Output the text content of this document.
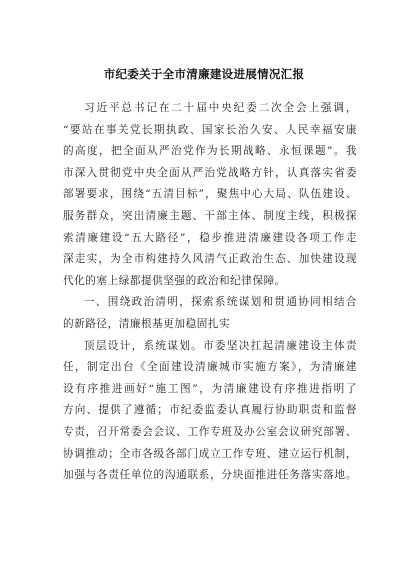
市纪委关于全市清廉建设进展情况汇报
习近平总书记在二十届中央纪委二次全会上强调，
“要站在事关党长期执政、国家长治久安、人民幸福安康
的高度，把全面从严治党作为长期战略、永恒课题”。我
市深入贯彻党中央全面从严治党战略方针，认真落实省委
部署要求，围绕“五清目标”，聚焦中心大局、队伍建设、
服务群众，突出清廉主题、干部主体、制度主线，积极探
索清廉建设“五大路径”，稳步推进清廉建设各项工作走
深走实，为全市构建持久风清气正政治生态、加快建设现
代化的塞上绿都提供坚强的政治和纪律保障。
一、围绕政治清明，探索系统谋划和贯通协同相结合
的新路径，清廉根基更加稳固扎实
顶层设计，系统谋划。市委坚决扛起清廉建设主体责
任，制定出台《全面建设清廉城市实施方案》，为清廉建
设有序推进画好“施工图”，为清廉建设有序推进指明了
方向、提供了遵循；市纪委监委认真履行协助职责和监督
专责，召开常委会会议、工作专班及办公室会议研究部署、
协调推动；全市各级各部门成立工作专班、建立运行机制，
加强与各责任单位的沟通联系，分块面推进任务落实落地。
